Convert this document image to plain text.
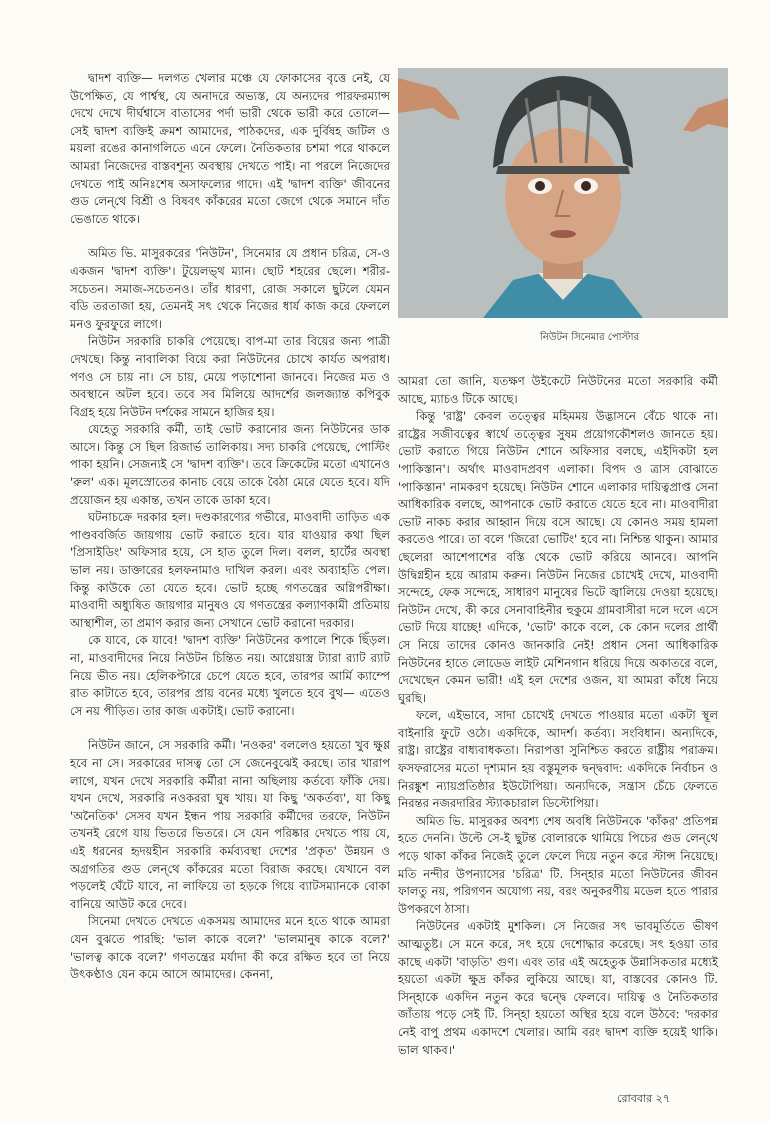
দ্বাদশ ব্যক্তি— দলগত খেলার মঞ্চে যে ফোকাসের বৃত্তে নেই, যে উপেক্ষিত, যে পার্শ্বস্থ, যে অনাদরে অভ্যস্ত, যে অন্যদের পারফরম্যান্স দেখে দেখে দীর্ঘশ্বাসে বাতাসের পর্দা ভারী থেকে ভারী করে তোলে— সেই দ্বাদশ ব্যক্তিই ক্রমশ আমাদের, পাঠকদের, এক দুর্বিষহ জটিল ও ময়লা রঙের কানাগলিতে এনে ফেলে। নৈতিকতার চশমা পরে থাকলে আমরা নিজেদের বাস্তবশূন্য অবস্থায় দেখতে পাই। না পরলে নিজেদের দেখতে পাই অনিঃশেষ অসাফল্যের গাদে। এই 'দ্বাদশ ব্যক্তি' জীবনের গুড লেন্‌থে বিশ্রী ও বিষবৎ কাঁকরের মতো জেগে থেকে সমানে দাঁত ভেঙাতে থাকে।

অমিত ভি. মাসুরকরের 'নিউটন', সিনেমার যে প্রধান চরিত্র, সে-ও একজন 'দ্বাদশ ব্যক্তি'। টুয়েলভ্‌থ ম্যান। ছোট শহরের ছেলে। শরীর-সচেতন। সমাজ-সচেতনও। তাঁর ধারণা, রোজ সকালে ছুটলে যেমন বডি তরতাজা হয়, তেমনই সৎ থেকে নিজের ধার্য কাজ করে ফেললে মনও ফুরফুরে লাগে।

নিউটন সরকারি চাকরি পেয়েছে। বাপ-মা তার বিয়ের জন্য পাত্রী দেখছে। কিন্তু নাবালিকা বিয়ে করা নিউটনের চোখে কার্যত অপরাধ। পণও সে চায় না। সে চায়, মেয়ে পড়াশোনা জানবে। নিজের মত ও অবস্থানে অটল হবে। তবে সব মিলিয়ে আদর্শের জলজ্যান্ত কপিবুক বিগ্রহ হয়ে নিউটন দর্শকের সামনে হাজির হয়।

যেহেতু সরকারি কর্মী, তাই ভোট করানোর জন্য নিউটনের ডাক আসে। কিন্তু সে ছিল রিজার্ভ তালিকায়। সদ্য চাকরি পেয়েছে, পোস্টিং পাকা হয়নি। সেজন্যই সে 'দ্বাদশ ব্যক্তি'। তবে ক্রিকেটের মতো এখানেও 'রুল' এক। মূলস্রোতের কানাচ বেয়ে তাকে বৈঠা মেরে যেতে হবে। যদি প্রয়োজন হয় একান্ত, তখন তাকে ডাকা হবে।

ঘটনাচক্রে দরকার হল। দণ্ডকারণ্যের গভীরে, মাওবাদী তাড়িত এক পাণ্ডববর্জিত জায়গায় ভোট করাতে হবে। যার যাওয়ার কথা ছিল 'প্রিসাইডিং' অফিসার হয়ে, সে হাত তুলে দিল। বলল, হার্টের অবস্থা ভাল নয়। ডাক্তারের হলফনামাও দাখিল করল। এবং অব্যাহতি পেল। কিন্তু কাউকে তো যেতে হবে। ভোট হচ্ছে গণতন্ত্রের অগ্নিপরীক্ষা। মাওবাদী অধ্যুষিত জায়গার মানুষও যে গণতন্ত্রের কল্যাণকামী প্রতিমায় আস্থাশীল, তা প্রমাণ করার জন্য সেখানে ভোট করানো দরকার।

কে যাবে, কে যাবে! 'দ্বাদশ ব্যক্তি' নিউটনের কপালে শিকে ছিঁড়ল। না, মাওবাদীদের নিয়ে নিউটন চিন্তিত নয়। আগ্নেয়াস্ত্র ট্যারা র‍্যাট র‍্যাট নিয়ে ভীত নয়। হেলিকপ্টারে চেপে যেতে হবে, তারপর আর্মি ক্যাম্পে রাত কাটাতে হবে, তারপর প্রায় বনের মধ্যে খুলতে হবে বুথ— এতেও সে নয় পীড়িত। তার কাজ একটাই। ভোট করানো।

নিউটন জানে, সে সরকারি কর্মী। 'নওকর' বললেও হয়তো খুব ক্ষুণ্ণ হবে না সে। সরকারের দাসত্ব তো সে জেনেবুঝেই করছে। তার খারাপ লাগে, যখন দেখে সরকারি কর্মীরা নানা অছিলায় কর্তব্যে ফাঁকি দেয়। যখন দেখে, সরকারি নওকররা ঘুষ খায়। যা কিছু 'অকর্তব্য', যা কিছু 'অনৈতিক' সেসব যখন ইন্ধন পায় সরকারি কর্মীদের তরফে, নিউটন তখনই রেগে যায় ভিতরে ভিতরে। সে যেন পরিষ্কার দেখতে পায় যে, এই ধরনের হৃদয়হীন সরকারি কর্মব্যবস্থা দেশের 'প্রকৃত' উন্নয়ন ও অগ্রগতির গুড লেন্‌থে কাঁকরের মতো বিরাজ করছে। যেখানে বল পড়লেই ঘেঁটে যাবে, না লাফিয়ে তা হড়কে গিয়ে ব্যাটসম্যানকে বোকা বানিয়ে আউট করে দেবে।

সিনেমা দেখতে দেখতে একসময় আমাদের মনে হতে থাকে আমরা যেন বুঝতে পারছি: 'ভাল কাকে বলে?' 'ভালমানুষ কাকে বলে?' 'ভালত্ব কাকে বলে?' গণতন্ত্রের মর্যাদা কী করে রক্ষিত হবে তা নিয়ে উৎকণ্ঠাও যেন কমে আসে আমাদের। কেননা,

নিউটন সিনেমার পোস্টার

আমরা তো জানি, যতক্ষণ উইকেটে নিউটনের মতো সরকারি কর্মী আছে, ম্যাচও টিকে আছে।

কিন্তু 'রাষ্ট্র' কেবল তত্ত্বের মহিমময় উদ্ভাসনে বেঁচে থাকে না। রাষ্ট্রের সজীবত্বের স্বার্থে তত্ত্বের সুষম প্রয়োগকৌশলও জানতে হয়। ভোট করাতে গিয়ে নিউটন শোনে অফিসার বলছে, এইদিকটা হল 'পাকিস্তান'। অর্থাৎ মাওবাদপ্রবণ এলাকা। বিপদ ও ত্রাস বোঝাতে 'পাকিস্তান' নামকরণ হয়েছে। নিউটন শোনে এলাকার দায়িত্বপ্রাপ্ত সেনা আধিকারিক বলছে, আপনাকে ভোট করাতে যেতে হবে না। মাওবাদীরা ভোট নাকচ করার আহ্বান দিয়ে বসে আছে। যে কোনও সময় হামলা করতেও পারে। তা বলে 'জিরো ভোটিং' হবে না। নিশ্চিন্ত থাকুন। আমার ছেলেরা আশেপাশের বস্তি থেকে ভোট করিয়ে আনবে। আপনি উদ্বিগ্নহীন হয়ে আরাম করুন। নিউটন নিজের চোখেই দেখে, মাওবাদী সন্দেহে, ফেক সন্দেহে, সাধারণ মানুষের ভিটে জ্বালিয়ে দেওয়া হয়েছে। নিউটন দেখে, কী করে সেনাবাহিনীর হুকুমে গ্রামবাসীরা দলে দলে এসে ভোট দিয়ে যাচ্ছে! এদিকে, 'ভোট' কাকে বলে, কে কোন দলের প্রার্থী সে নিয়ে তাদের কোনও জানকারি নেই! প্রধান সেনা আধিকারিক নিউটনের হাতে লোডেড লাইট মেশিনগান ধরিয়ে দিয়ে অকাতরে বলে, দেখেছেন কেমন ভারী! এই হল দেশের ওজন, যা আমরা কাঁধে নিয়ে ঘুরছি।

ফলে, এইভাবে, সাদা চোখেই দেখতে পাওয়ার মতো একটা স্থূল বাইনারি ফুটে ওঠে। একদিকে, আদর্শ। কর্তব্য। সংবিধান। অন্যদিকে, রাষ্ট্র। রাষ্ট্রের বাধ্যবাধকতা। নিরাপত্তা সুনিশ্চিত করতে রাষ্ট্রীয় পরাক্রম। ফসফরাসের মতো দৃশ্যমান হয় বস্তুমূলক দ্বন্দ্ববাদ: একদিকে নির্বাচন ও নিরঙ্কুশ ন্যায়প্রতিষ্ঠার ইউটোপিয়া। অন্যদিকে, সন্ত্রাস চেঁচে ফেলতে নিরন্তর নজরদারির স্ট্যাকচারাল ডিস্টোপিয়া।

অমিত ভি. মাসুরকর অবশ্য শেষ অবধি নিউটনকে 'কাঁকর' প্রতিপন্ন হতে দেননি। উল্টে সে-ই ছুটন্ত বোলারকে থামিয়ে পিচের গুড লেন্‌থে পড়ে থাকা কাঁকর নিজেই তুলে ফেলে দিয়ে নতুন করে স্টান্স নিয়েছে। মতি নন্দীর উপন্যাসের 'চরিত্র' টি. সিন্‌হার মতো নিউটনের জীবন ফালতু নয়, পরিগণন অযোগ্য নয়, বরং অনুকরণীয় মডেল হতে পারার উপকরণে ঠাসা।

নিউটনের একটাই মুশকিল। সে নিজের সৎ ভাবমূর্তিতে ভীষণ আত্মতুষ্ট। সে মনে করে, সৎ হয়ে দেশোদ্ধার করেছে। সৎ হওয়া তার কাছে একটা 'বাড়তি' গুণ। এবং তার এই অহেতুক উন্নাসিকতার মধ্যেই হয়তো একটা ক্ষুদ্র কাঁকর লুকিয়ে আছে। যা, বাস্তবের কোনও টি. সিন্‌হাকে একদিন নতুন করে দ্বন্দ্বে ফেলবে। দায়িত্ব ও নৈতিকতার জাঁতায় পড়ে সেই টি. সিন্‌হা হয়তো অস্থির হয়ে বলে উঠবে: 'দরকার নেই বাপু প্রথম একাদশে খেলার। আমি বরং দ্বাদশ ব্যক্তি হয়েই থাকি। ভাল থাকব।'

রোববার ২৭
